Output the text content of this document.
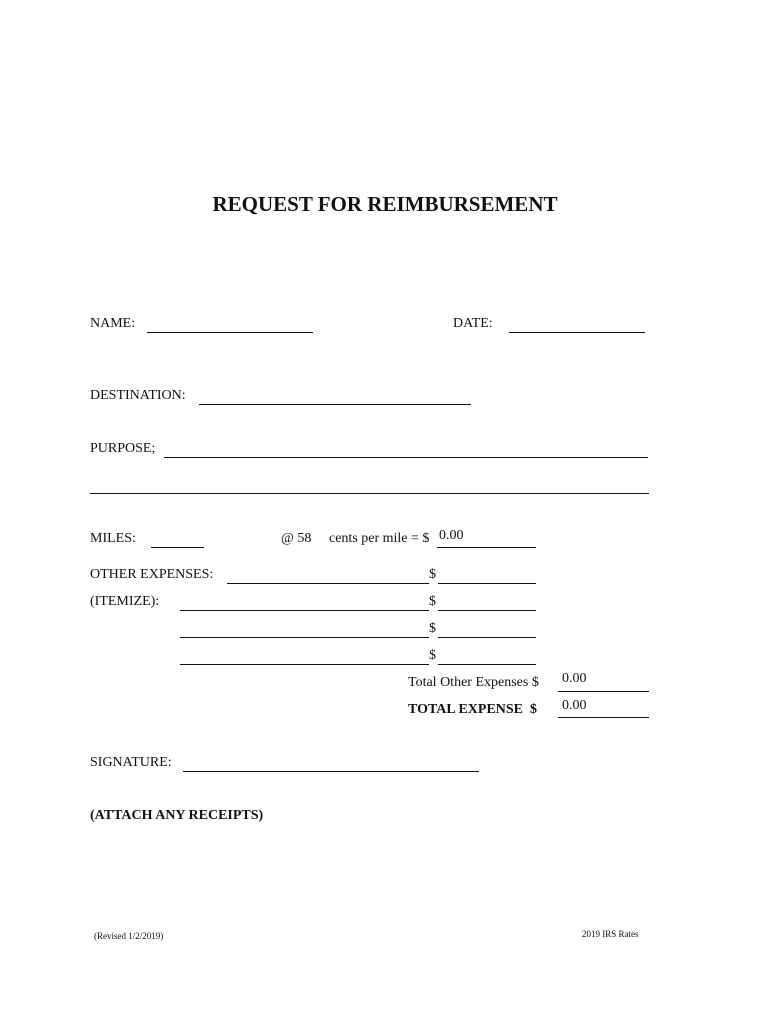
REQUEST FOR REIMBURSEMENT
NAME:	DATE:
DESTINATION:
PURPOSE;
MILES:	@ 58 cents per mile = $ 0.00
OTHER EXPENSES:	$
(ITEMIZE):	$
$
$
Total Other Expenses $ 0.00
TOTAL EXPENSE  $ 0.00
SIGNATURE:
(ATTACH ANY RECEIPTS)
(Revised 1/2/2019)	2019 IRS Rates
